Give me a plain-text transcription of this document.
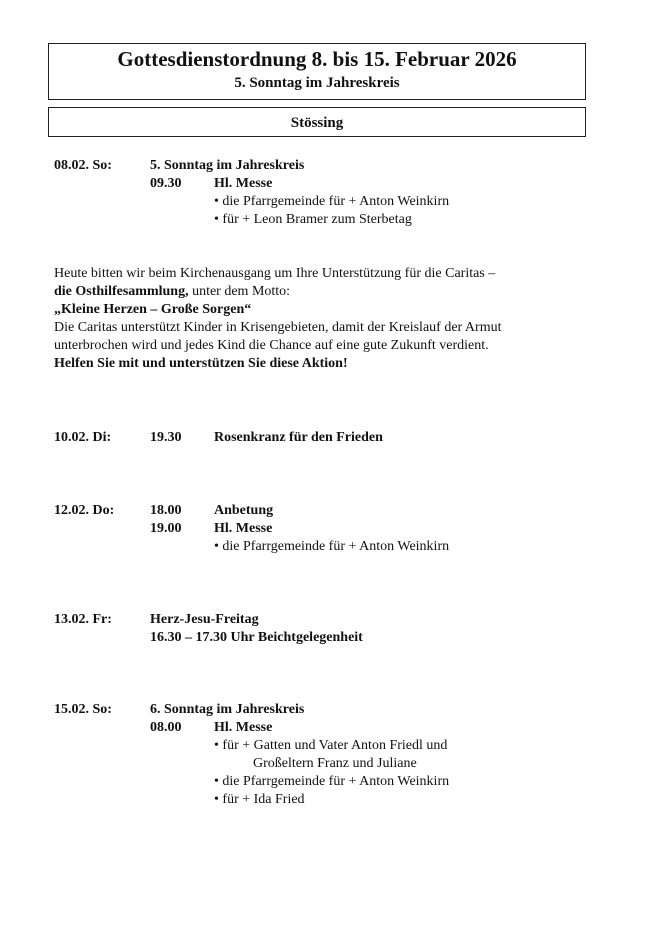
Gottesdienstordnung 8. bis 15. Februar 2026
5. Sonntag im Jahreskreis
Stössing
08.02. So:	5. Sonntag im Jahreskreis
09.30 Hl. Messe
• die Pfarrgemeinde für + Anton Weinkirn
• für + Leon Bramer zum Sterbetag
Heute bitten wir beim Kirchenausgang um Ihre Unterstützung für die Caritas –
die Osthilfesammlung, unter dem Motto:
„Kleine Herzen – Große Sorgen“
Die Caritas unterstützt Kinder in Krisengebieten, damit der Kreislauf der Armut
unterbrochen wird und jedes Kind die Chance auf eine gute Zukunft verdient.
Helfen Sie mit und unterstützen Sie diese Aktion!
10.02. Di:	19.30 Rosenkranz für den Frieden
12.02. Do:	18.00 Anbetung
19.00 Hl. Messe
• die Pfarrgemeinde für + Anton Weinkirn
13.02. Fr:	Herz-Jesu-Freitag
16.30 – 17.30 Uhr Beichtgelegenheit
15.02. So:	6. Sonntag im Jahreskreis
08.00 Hl. Messe
• für + Gatten und Vater Anton Friedl und
Großeltern Franz und Juliane
• die Pfarrgemeinde für + Anton Weinkirn
• für + Ida Fried
